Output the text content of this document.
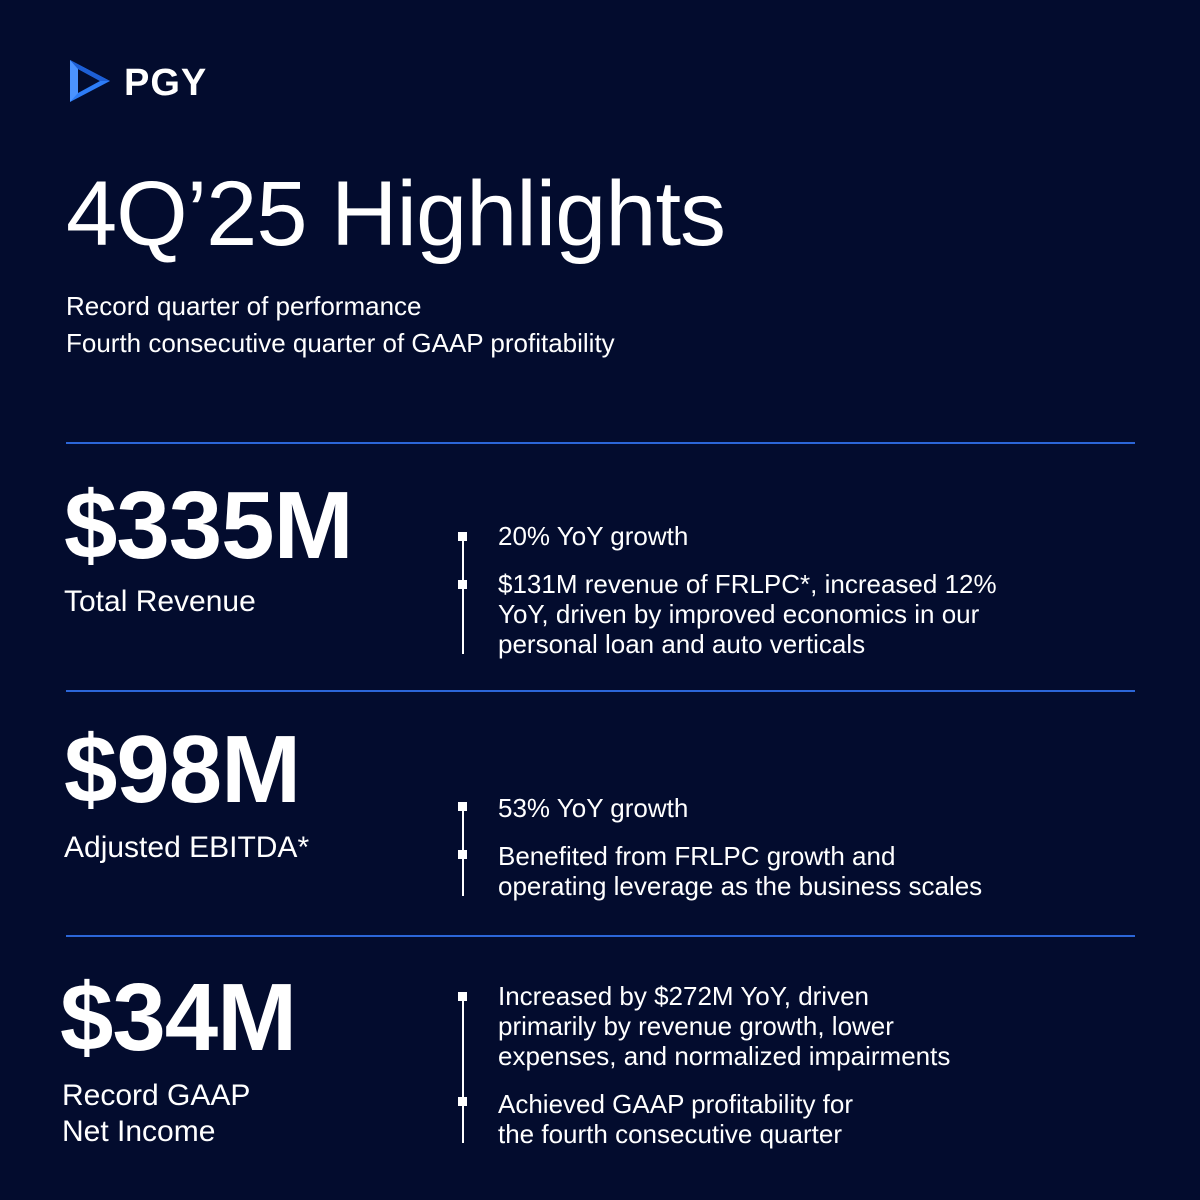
PGY
4Q’25 Highlights
Record quarter of performance
Fourth consecutive quarter of GAAP profitability
$335M
Total Revenue
20% YoY growth
$131M revenue of FRLPC*, increased 12%
YoY, driven by improved economics in our
personal loan and auto verticals
$98M
Adjusted EBITDA*
53% YoY growth
Benefited from FRLPC growth and
operating leverage as the business scales
$34M
Record GAAP
Net Income
Increased by $272M YoY, driven
primarily by revenue growth, lower
expenses, and normalized impairments
Achieved GAAP profitability for
the fourth consecutive quarter
